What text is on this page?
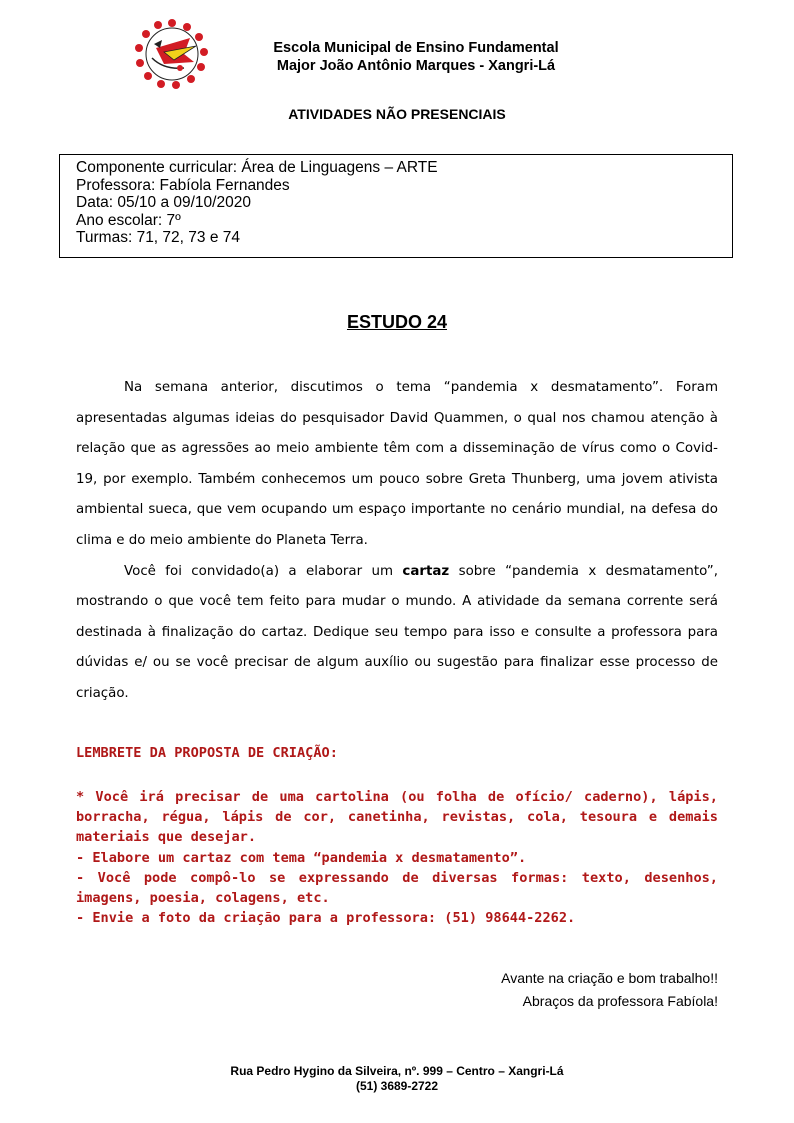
Escola Municipal de Ensino Fundamental
Major João Antônio Marques - Xangri-Lá
ATIVIDADES NÃO PRESENCIAIS
Componente curricular: Área de Linguagens – ARTE
Professora: Fabíola Fernandes
Data: 05/10 a 09/10/2020
Ano escolar: 7º
Turmas: 71, 72, 73 e 74
ESTUDO 24

Na semana anterior, discutimos o tema “pandemia x desmatamento”. Foram apresentadas algumas ideias do pesquisador David Quammen, o qual nos chamou atenção à relação que as agressões ao meio ambiente têm com a disseminação de vírus como o Covid-19, por exemplo. Também conhecemos um pouco sobre Greta Thunberg, uma jovem ativista ambiental sueca, que vem ocupando um espaço importante no cenário mundial, na defesa do clima e do meio ambiente do Planeta Terra.

Você foi convidado(a) a elaborar um cartaz sobre “pandemia x desmatamento”, mostrando o que você tem feito para mudar o mundo. A atividade da semana corrente será destinada à finalização do cartaz. Dedique seu tempo para isso e consulte a professora para dúvidas e/ ou se você precisar de algum auxílio ou sugestão para finalizar esse processo de criação.

LEMBRETE DA PROPOSTA DE CRIAÇÃO:
* Você irá precisar de uma cartolina (ou folha de ofício/ caderno), lápis, borracha, régua, lápis de cor, canetinha, revistas, cola, tesoura e demais materiais que desejar.
- Elabore um cartaz com tema “pandemia x desmatamento”.
- Você pode compô-lo se expressando de diversas formas: texto, desenhos, imagens, poesia, colagens, etc.
- Envie a foto da criação para a professora: (51) 98644-2262.
Avante na criação e bom trabalho!!
Abraços da professora Fabíola!
Rua Pedro Hygino da Silveira, nº. 999 – Centro – Xangri-Lá
(51) 3689-2722
